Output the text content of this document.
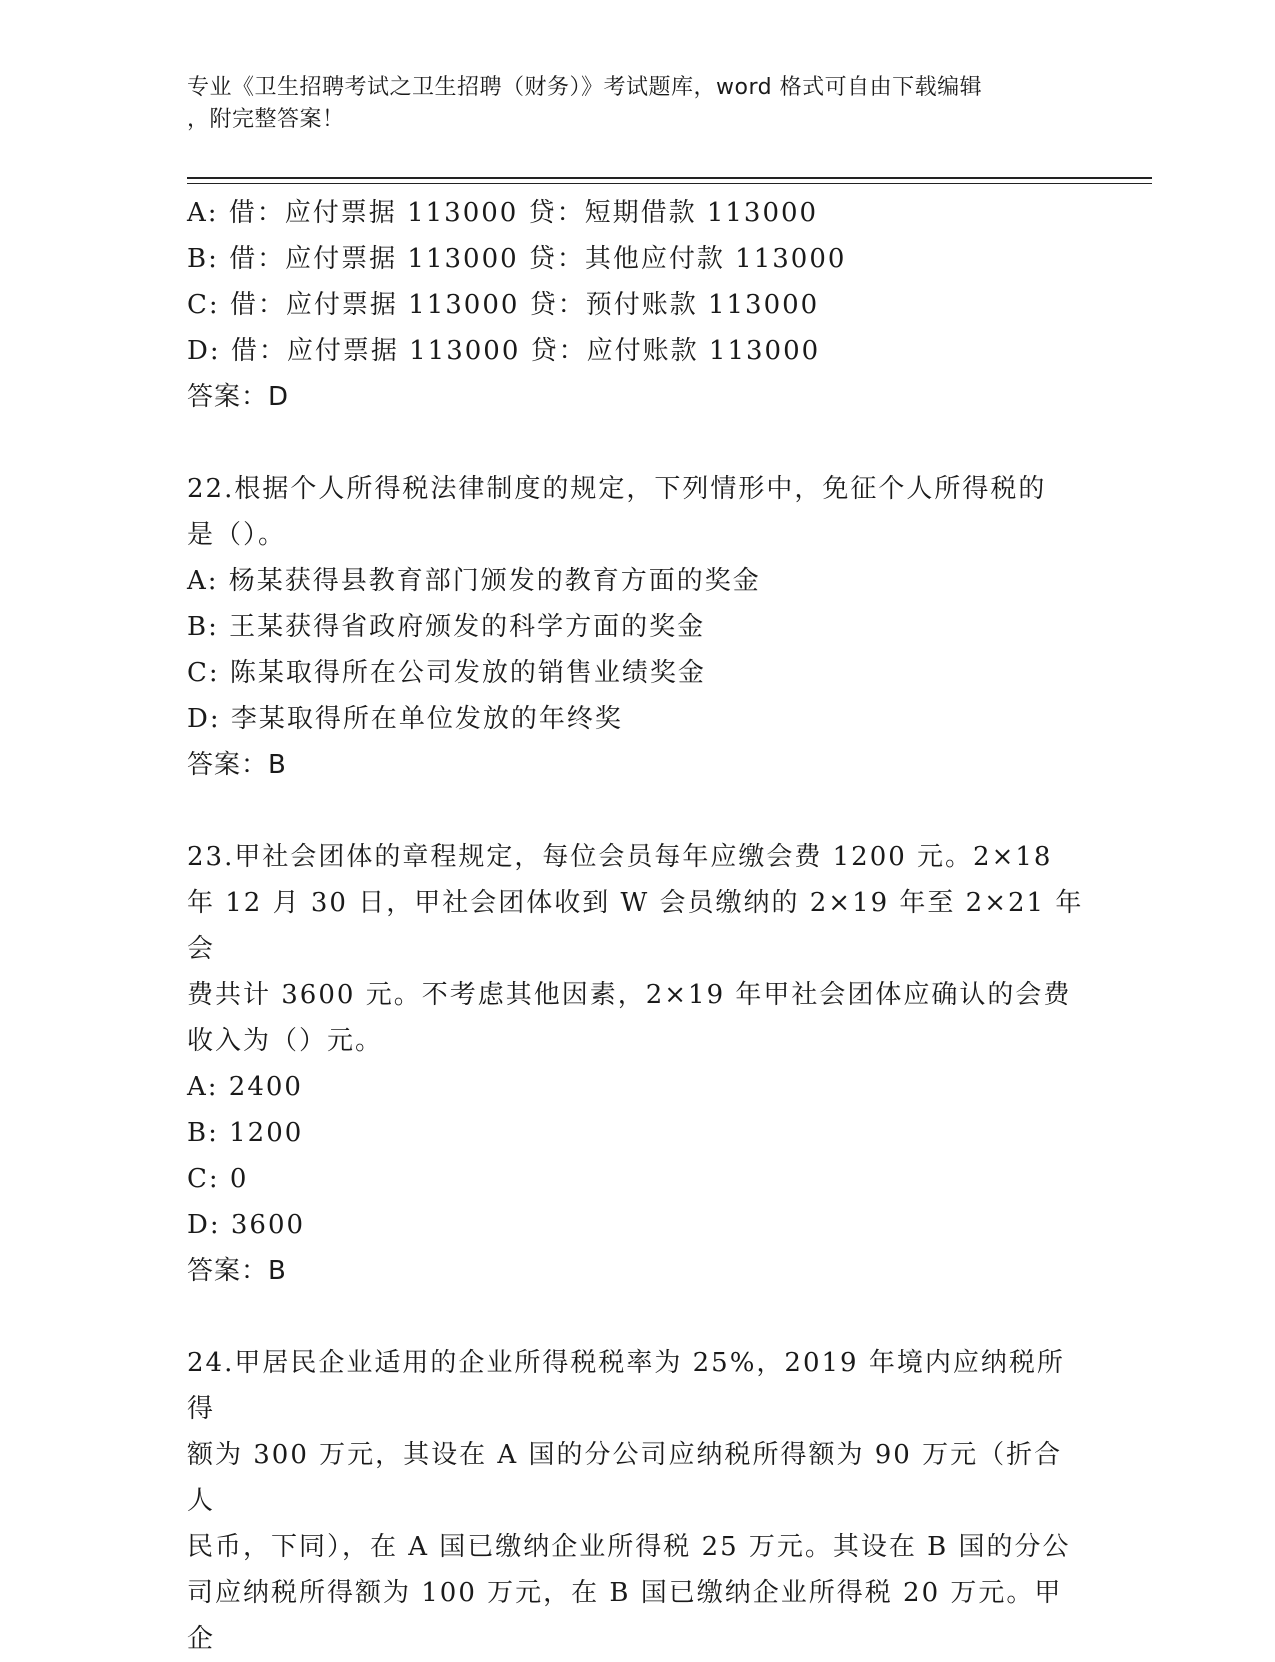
专业《卫生招聘考试之卫生招聘（财务）》考试题库，word 格式可自由下载编辑
，附完整答案！
A: 借：应付票据 113000 贷：短期借款 113000
B: 借：应付票据 113000 贷：其他应付款 113000
C: 借：应付票据 113000 贷：预付账款 113000
D: 借：应付票据 113000 贷：应付账款 113000
答案：D
22.根据个人所得税法律制度的规定，下列情形中，免征个人所得税的
是（）。
A: 杨某获得县教育部门颁发的教育方面的奖金
B: 王某获得省政府颁发的科学方面的奖金
C: 陈某取得所在公司发放的销售业绩奖金
D: 李某取得所在单位发放的年终奖
答案：B
23.甲社会团体的章程规定，每位会员每年应缴会费 1200 元。2×18
年 12 月 30 日，甲社会团体收到 W 会员缴纳的 2×19 年至 2×21 年会
费共计 3600 元。不考虑其他因素，2×19 年甲社会团体应确认的会费
收入为（）元。
A: 2400
B: 1200
C: 0
D: 3600
答案：B
24.甲居民企业适用的企业所得税税率为 25%，2019 年境内应纳税所得
额为 300 万元，其设在 A 国的分公司应纳税所得额为 90 万元（折合人
民币，下同），在 A 国已缴纳企业所得税 25 万元。其设在 B 国的分公
司应纳税所得额为 100 万元，在 B 国已缴纳企业所得税 20 万元。甲企
